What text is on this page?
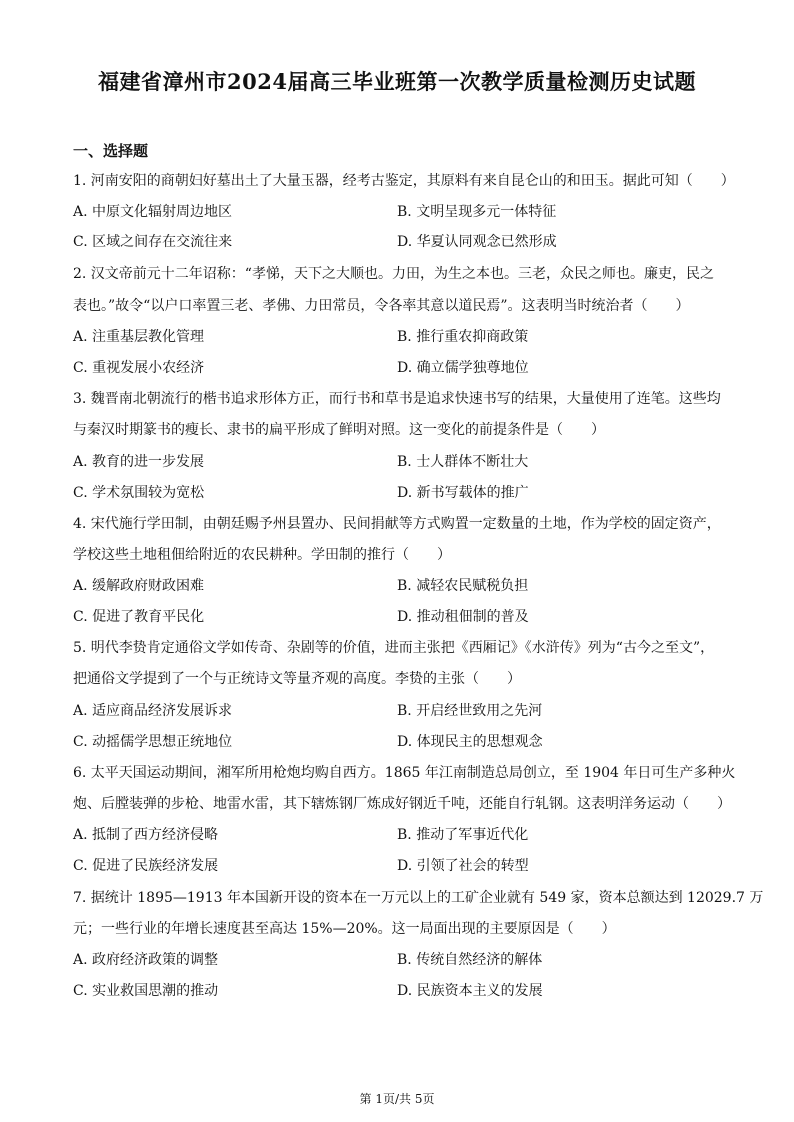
福建省漳州市2024届高三毕业班第一次教学质量检测历史试题
一、选择题
1. 河南安阳的商朝妇好墓出土了大量玉器，经考古鉴定，其原料有来自昆仑山的和田玉。据此可知（　　）
A. 中原文化辐射周边地区	B. 文明呈现多元一体特征
C. 区域之间存在交流往来	D. 华夏认同观念已然形成
2. 汉文帝前元十二年诏称：“孝悌，天下之大顺也。力田，为生之本也。三老，众民之师也。廉吏，民之
表也。”故令“以户口率置三老、孝佛、力田常员，令各率其意以道民焉”。这表明当时统治者（　　）
A. 注重基层教化管理	B. 推行重农抑商政策
C. 重视发展小农经济	D. 确立儒学独尊地位
3. 魏晋南北朝流行的楷书追求形体方正，而行书和草书是追求快速书写的结果，大量使用了连笔。这些均
与秦汉时期篆书的瘦长、隶书的扁平形成了鲜明对照。这一变化的前提条件是（　　）
A. 教育的进一步发展	B. 士人群体不断壮大
C. 学术氛围较为宽松	D. 新书写载体的推广
4. 宋代施行学田制，由朝廷赐予州县置办、民间捐献等方式购置一定数量的土地，作为学校的固定资产，
学校这些土地租佃给附近的农民耕种。学田制的推行（　　）
A. 缓解政府财政困难	B. 减轻农民赋税负担
C. 促进了教育平民化	D. 推动租佃制的普及
5. 明代李贽肯定通俗文学如传奇、杂剧等的价值，进而主张把《西厢记》《水浒传》列为“古今之至文”，
把通俗文学提到了一个与正统诗文等量齐观的高度。李贽的主张（　　）
A. 适应商品经济发展诉求	B. 开启经世致用之先河
C. 动摇儒学思想正统地位	D. 体现民主的思想观念
6. 太平天国运动期间，湘军所用枪炮均购自西方。1865 年江南制造总局创立，至 1904 年日可生产多种火
炮、后膛装弹的步枪、地雷水雷，其下辖炼钢厂炼成好钢近千吨，还能自行轧钢。这表明洋务运动（　　）
A. 抵制了西方经济侵略	B. 推动了军事近代化
C. 促进了民族经济发展	D. 引领了社会的转型
7. 据统计 1895—1913 年本国新开设的资本在一万元以上的工矿企业就有 549 家，资本总额达到 12029.7 万
元；一些行业的年增长速度甚至高达 15%—20%。这一局面出现的主要原因是（　　）
A. 政府经济政策的调整	B. 传统自然经济的解体
C. 实业救国思潮的推动	D. 民族资本主义的发展
第 1页/共 5页
